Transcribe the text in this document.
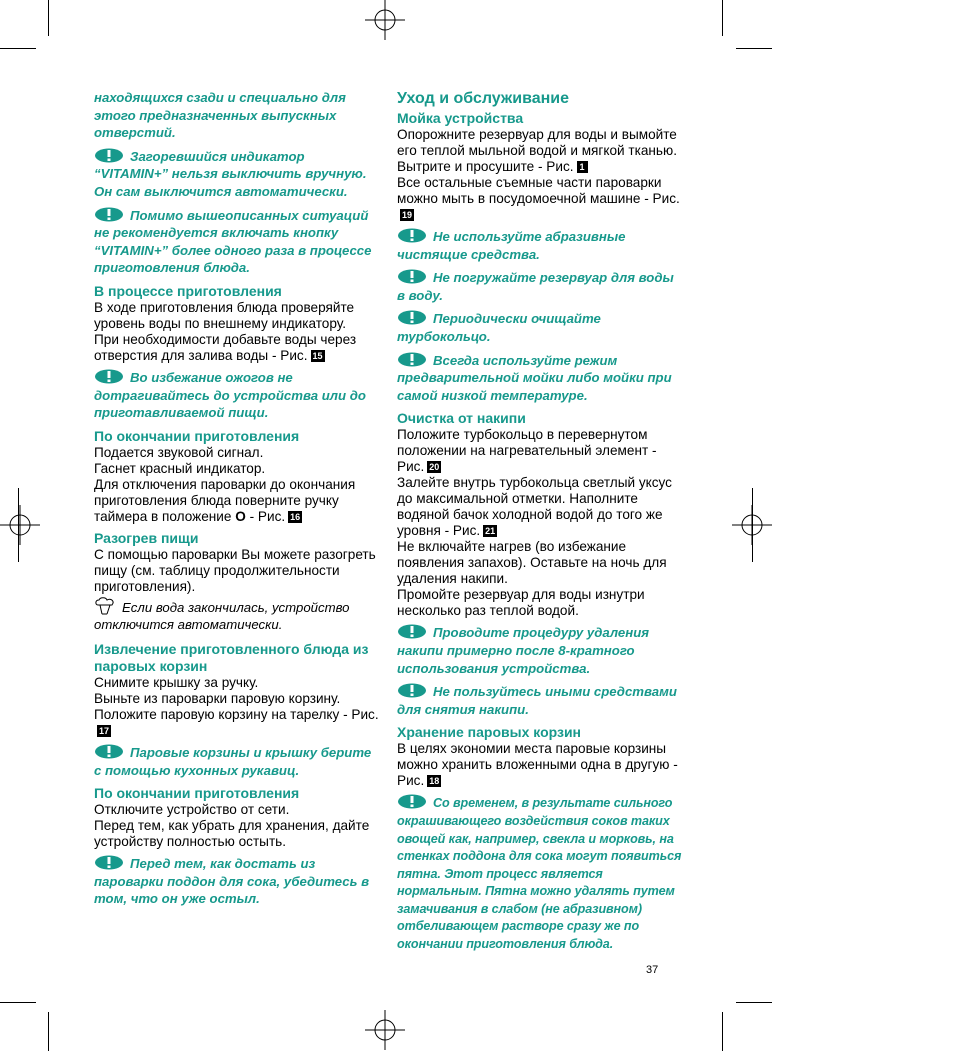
находящихся сзади и специально для этого предназначенных выпускных отверстий.

Загоревшийся индикатор “VITAMIN+” нельзя выключить вручную. Он сам выключится автоматически.

Помимо вышеописанных ситуаций не рекомендуется включать кнопку “VITAMIN+” более одного раза в процессе приготовления блюда.

В процессе приготовления

В ходе приготовления блюда проверяйте уровень воды по внешнему индикатору.

При необходимости добавьте воды через отверстия для залива воды - Рис. 15

Во избежание ожогов не дотрагивайтесь до устройства или до приготавливаемой пищи.

По окончании приготовления

Подается звуковой сигнал.

Гаснет красный индикатор.

Для отключения пароварки до окончания приготовления блюда поверните ручку таймера в положение O - Рис. 16

Разогрев пищи

С помощью пароварки Вы можете разогреть пищу (см. таблицу продолжительности приготовления).

Если вода закончилась, устройство отключится автоматически.

Извлечение приготовленного блюда из паровых корзин

Снимите крышку за ручку.

Выньте из пароварки паровую корзину. Положите паровую корзину на тарелку - Рис.17

Паровые корзины и крышку берите с помощью кухонных рукавиц.

По окончании приготовления

Отключите устройство от сети.

Перед тем, как убрать для хранения, дайте устройству полностью остыть.

Перед тем, как достать из пароварки поддон для сока, убедитесь в том, что он уже остыл.

Уход и обслуживание
Мойка устройства

Опорожните резервуар для воды и вымойте его теплой мыльной водой и мягкой тканью.

Вытрите и просушите - Рис. 1

Все остальные съемные части пароварки можно мыть в посудомоечной машине - Рис.19

Не используйте абразивные чистящие средства.

Не погружайте резервуар для воды в воду.

Периодически очищайте турбокольцо.

Всегда используйте режим предварительной мойки либо мойки при самой низкой температуре.

Очистка от накипи

Положите турбокольцо в перевернутом положении на нагревательный элемент - Рис. 20

Залейте внутрь турбокольца светлый уксус до максимальной отметки. Наполните водяной бачок холодной водой до того же уровня - Рис. 21

Не включайте нагрев (во избежание появления запахов). Оставьте на ночь для удаления накипи.

Промойте резервуар для воды изнутри несколько раз теплой водой.

Проводите процедуру удаления накипи примерно после 8-кратного использования устройства.

Не пользуйтесь иными средствами для снятия накипи.

Хранение паровых корзин

В целях экономии места паровые корзины можно хранить вложенными одна в другую - Рис. 18

Со временем, в результате сильного окрашивающего воздействия соков таких овощей как, например, свекла и морковь, на стенках поддона для сока могут появиться пятна. Этот процесс является нормальным. Пятна можно удалять путем замачивания в слабом (не абразивном) отбеливающем растворе сразу же по окончании приготовления блюда.

37
